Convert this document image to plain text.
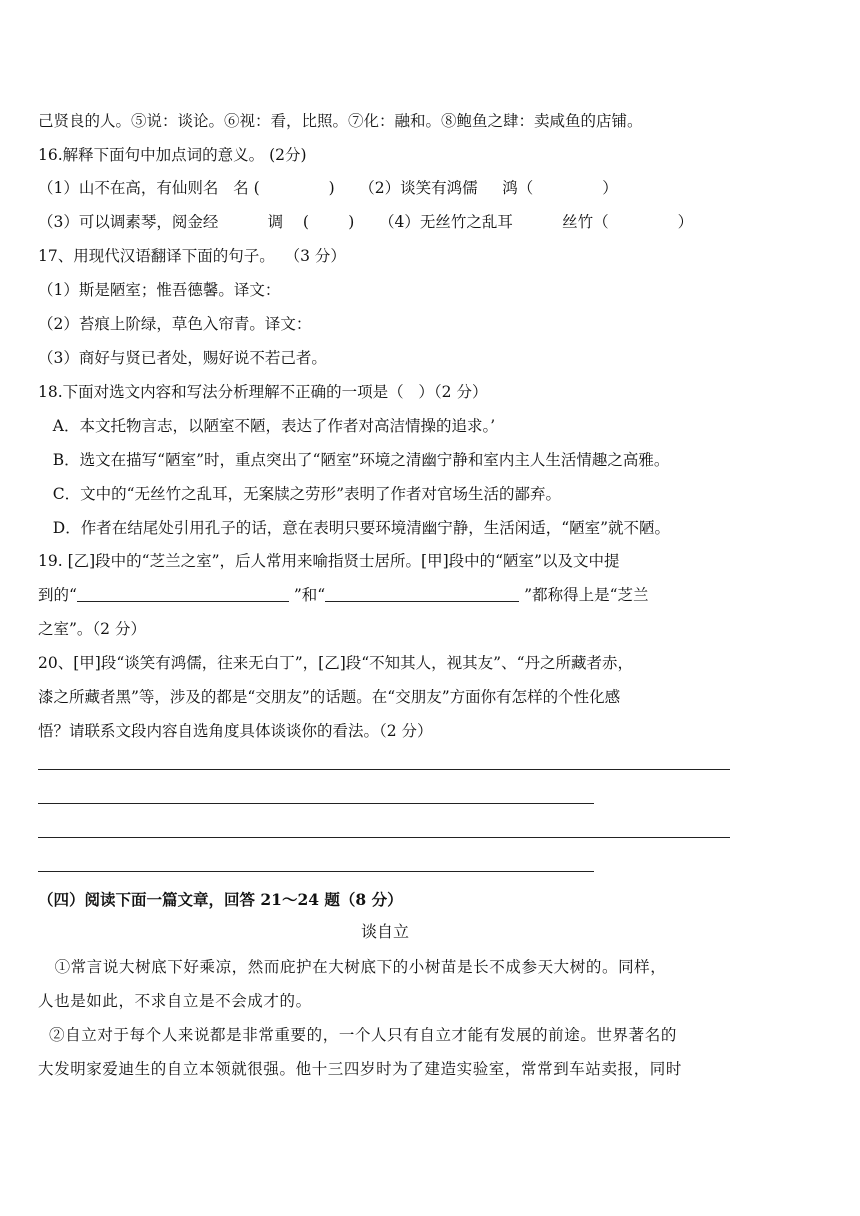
己贤良的人。⑤说：谈论。⑥视：看，比照。⑦化：融和。⑧鲍鱼之肆：卖咸鱼的店铺。
16.解释下面句中加点词的意义。 (2分)
（1）山不在高，有仙则名   名 (              )     （2）谈笑有鸿儒     鸿（              ）
（3）可以调素琴，阅金经          调    (        )     （4）无丝竹之乱耳          丝竹（              ）
17、用现代汉语翻译下面的句子。  （3 分）
（1）斯是陋室；惟吾德馨。译文：
（2）苔痕上阶绿，草色入帘青。译文：
（3）商好与贤已者处，赐好说不若己者。
18.下面对选文内容和写法分析理解不正确的一项是（   ）（2 分）
A．本文托物言志，以陋室不陋，表达了作者对高洁情操的追求。’
B．选文在描写“陋室”时，重点突出了“陋室”环境之清幽宁静和室内主人生活情趣之高雅。
C．文中的“无丝竹之乱耳，无案牍之劳形”表明了作者对官场生活的鄙弃。
D．作者在结尾处引用孔子的话，意在表明只要环境清幽宁静，生活闲适，“陋室”就不陋。
19. [乙]段中的“芝兰之室”，后人常用来喻指贤士居所。[甲]段中的“陋室”以及文中提
到的“	”和“	”都称得上是“芝兰
之室”。（2 分）
20、[甲]段“谈笑有鸿儒，往来无白丁”，[乙]段“不知其人，视其友”、“丹之所藏者赤，
漆之所藏者黑”等，涉及的都是“交朋友”的话题。在“交朋友”方面你有怎样的个性化感
悟？请联系文段内容自选角度具体谈谈你的看法。（2 分）
（四）阅读下面一篇文章，回答 21～24 题（8 分）
谈自立
①常言说大树底下好乘凉，然而庇护在大树底下的小树苗是长不成参天大树的。同样，
人也是如此，不求自立是不会成才的。
②自立对于每个人来说都是非常重要的，一个人只有自立才能有发展的前途。世界著名的
大发明家爱迪生的自立本领就很强。他十三四岁时为了建造实验室，常常到车站卖报，同时
